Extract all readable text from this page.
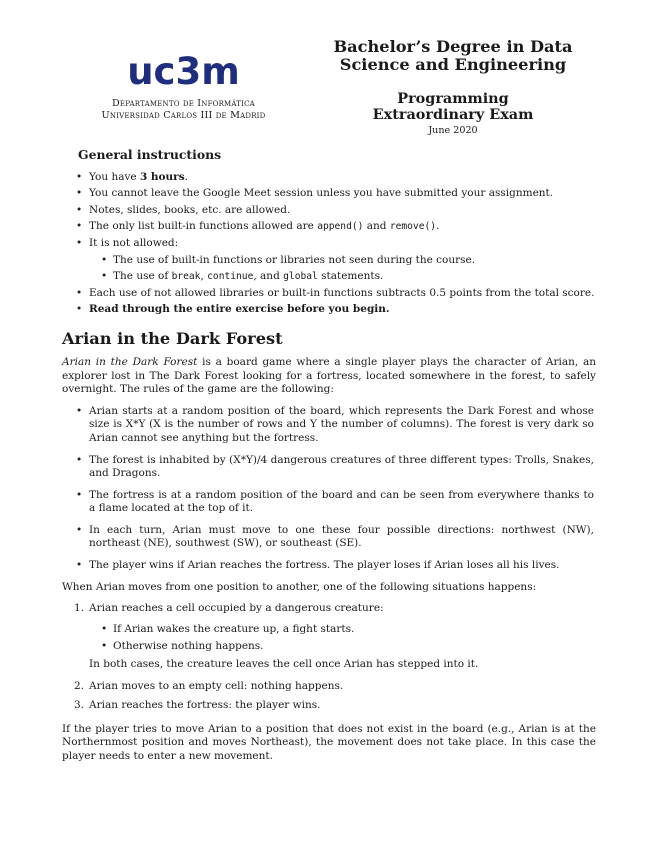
uc3m
Departamento de Informática
Universidad Carlos III de Madrid
Bachelor’s Degree in Data
Science and Engineering
Programming
Extraordinary Exam
June 2020
General instructions
• You have 3 hours.
• You cannot leave the Google Meet session unless you have submitted your assignment.
• Notes, slides, books, etc. are allowed.
• The only list built-in functions allowed are append() and remove().
• It is not allowed:
• The use of built-in functions or libraries not seen during the course.
• The use of break, continue, and global statements.
• Each use of not allowed libraries or built-in functions subtracts 0.5 points from the total score.
• Read through the entire exercise before you begin.
Arian in the Dark Forest

Arian in the Dark Forest is a board game where a single player plays the character of Arian, an explorer lost in The Dark Forest looking for a fortress, located somewhere in the forest, to safely overnight. The rules of the game are the following:

• Arian starts at a random position of the board, which represents the Dark Forest and whose size is X*Y (X is the number of rows and Y the number of columns). The forest is very dark so Arian cannot see anything but the fortress.
• The forest is inhabited by (X*Y)/4 dangerous creatures of three different types: Trolls, Snakes, and Dragons.
• The fortress is at a random position of the board and can be seen from everywhere thanks to a flame located at the top of it.
• In each turn, Arian must move to one these four possible directions: northwest (NW), northeast (NE), southwest (SW), or southeast (SE).
• The player wins if Arian reaches the fortress. The player loses if Arian loses all his lives.

When Arian moves from one position to another, one of the following situations happens:

1. Arian reaches a cell occupied by a dangerous creature:
• If Arian wakes the creature up, a fight starts.
• Otherwise nothing happens.
In both cases, the creature leaves the cell once Arian has stepped into it.
2. Arian moves to an empty cell: nothing happens.
3. Arian reaches the fortress: the player wins.

If the player tries to move Arian to a position that does not exist in the board (e.g., Arian is at the Northernmost position and moves Northeast), the movement does not take place. In this case the player needs to enter a new movement.
